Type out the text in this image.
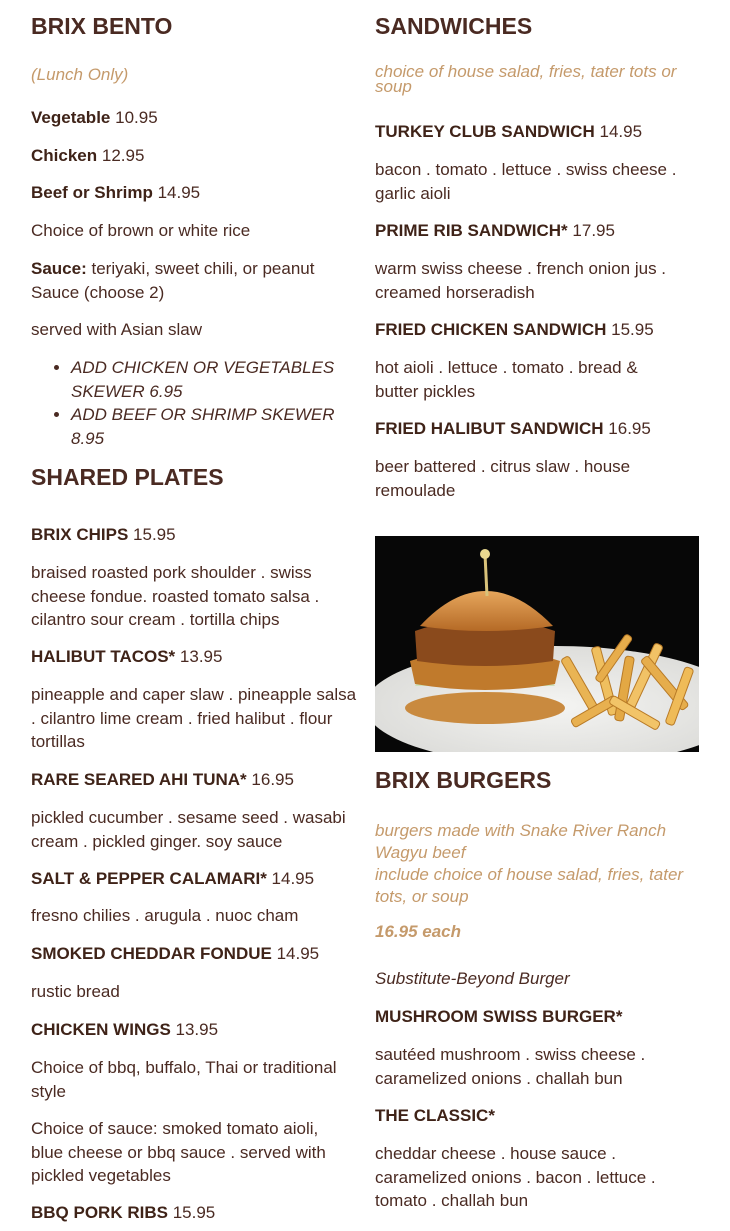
BRIX BENTO
(Lunch Only)

Vegetable 10.95

Chicken 12.95

Beef or Shrimp 14.95

Choice of brown or white rice

Sauce: teriyaki, sweet chili, or peanut Sauce (choose 2)

served with Asian slaw

• ADD CHICKEN OR VEGETABLES SKEWER 6.95
• ADD BEEF OR SHRIMP SKEWER 8.95
SHARED PLATES

BRIX CHIPS 15.95

braised roasted pork shoulder . swiss cheese fondue. roasted tomato salsa . cilantro sour cream . tortilla chips

HALIBUT TACOS* 13.95

pineapple and caper slaw . pineapple salsa . cilantro lime cream . fried halibut . flour tortillas

RARE SEARED AHI TUNA* 16.95

pickled cucumber . sesame seed . wasabi cream . pickled ginger. soy sauce

SALT & PEPPER CALAMARI* 14.95

fresno chilies . arugula . nuoc cham

SMOKED CHEDDAR FONDUE 14.95

rustic bread

CHICKEN WINGS 13.95

Choice of bbq, buffalo, Thai or traditional style

Choice of sauce: smoked tomato aioli, blue cheese or bbq sauce . served with pickled vegetables

BBQ PORK RIBS 15.95

SANDWICHES
choice of house salad, fries, tater tots or soup

TURKEY CLUB SANDWICH 14.95

bacon . tomato . lettuce . swiss cheese . garlic aioli

PRIME RIB SANDWICH* 17.95

warm swiss cheese . french onion jus . creamed horseradish

FRIED CHICKEN SANDWICH 15.95

hot aioli . lettuce . tomato . bread & butter pickles

FRIED HALIBUT SANDWICH 16.95

beer battered . citrus slaw . house remoulade

BRIX BURGERS
burgers made with Snake River Ranch Wagyu beef
include choice of house salad, fries, tater tots, or soup
16.95 each

Substitute-Beyond Burger

MUSHROOM SWISS BURGER*

sautéed mushroom . swiss cheese . caramelized onions . challah bun

THE CLASSIC*

cheddar cheese . house sauce . caramelized onions . bacon . lettuce . tomato . challah bun
